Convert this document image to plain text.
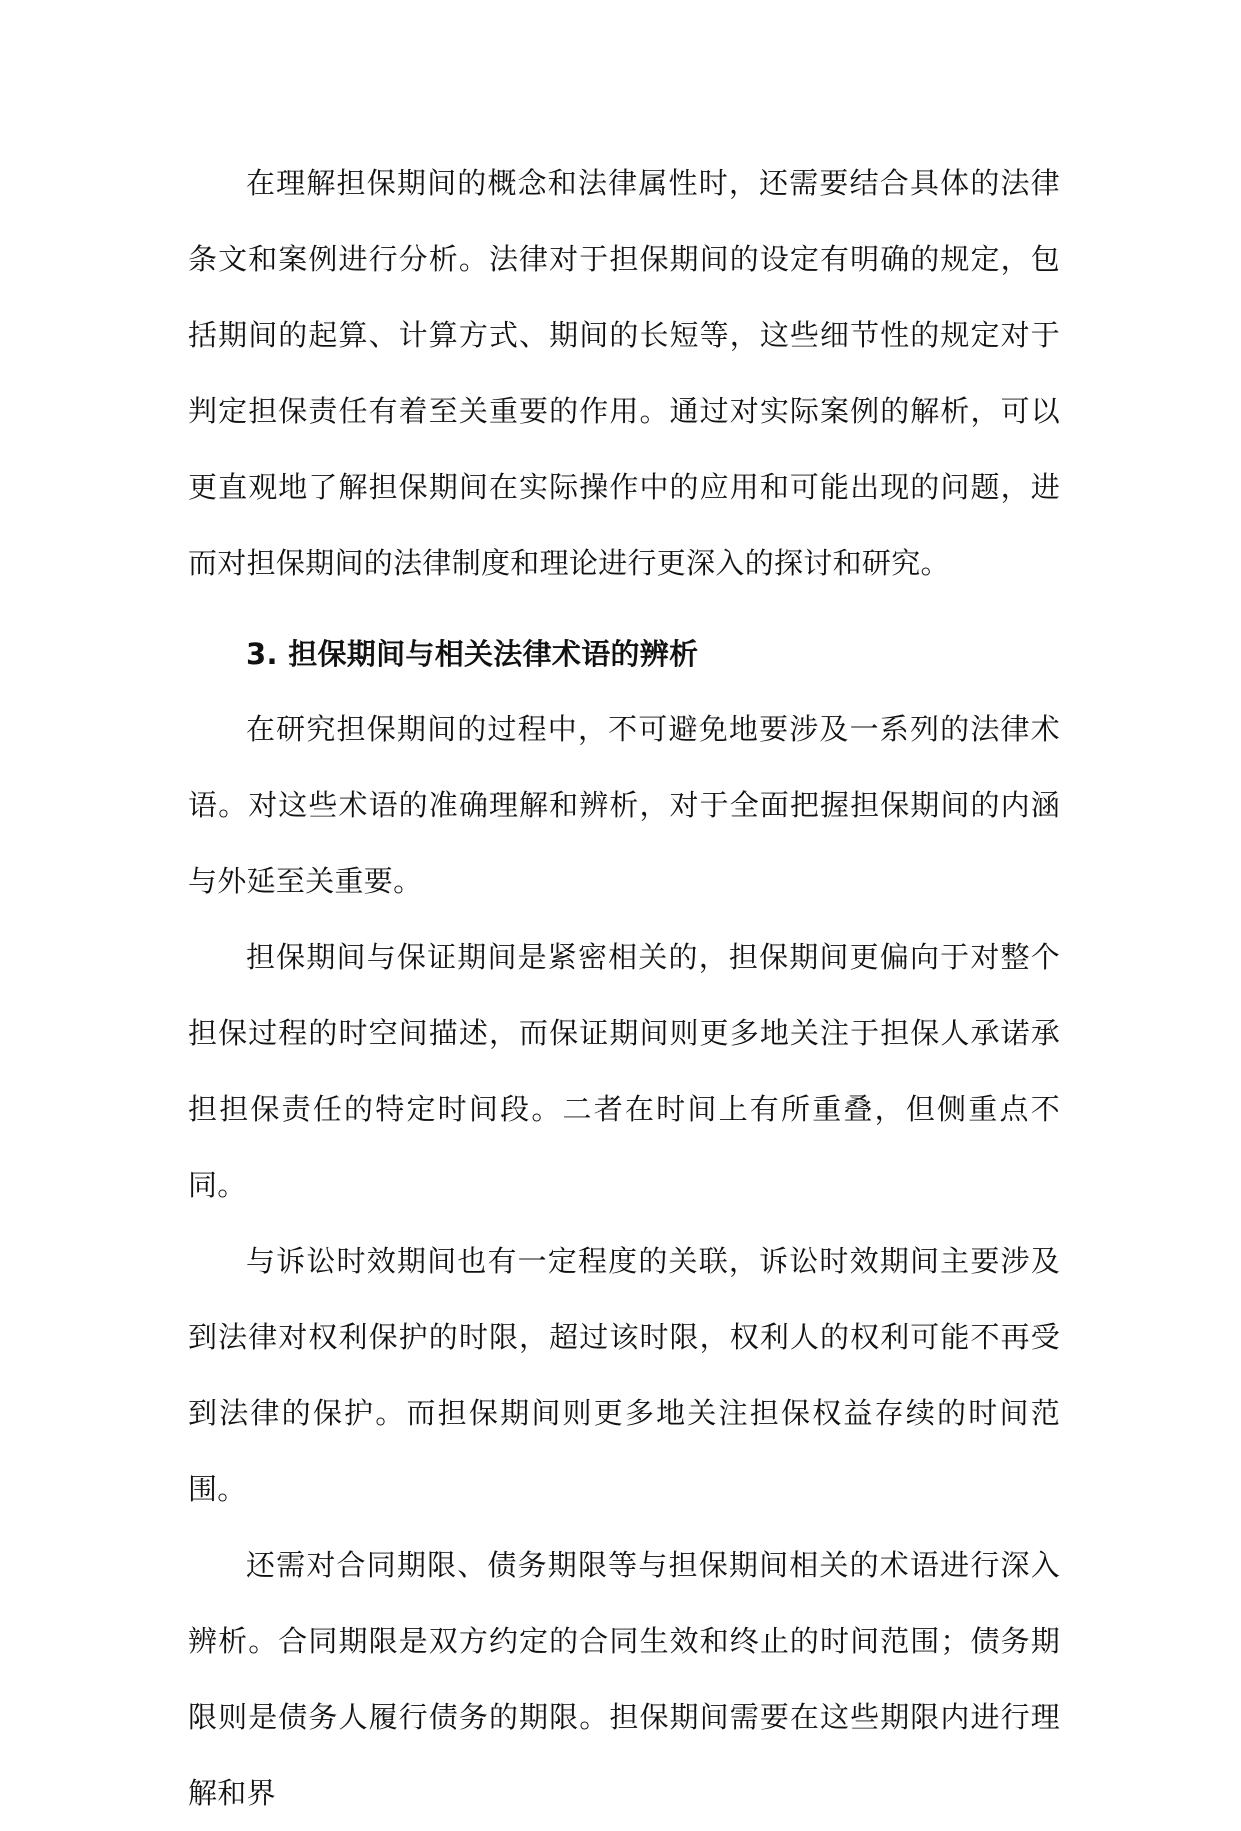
在理解担保期间的概念和法律属性时，还需要结合具体的法律条文和案例进行分析。法律对于担保期间的设定有明确的规定，包括期间的起算、计算方式、期间的长短等，这些细节性的规定对于判定担保责任有着至关重要的作用。通过对实际案例的解析，可以更直观地了解担保期间在实际操作中的应用和可能出现的问题，进而对担保期间的法律制度和理论进行更深入的探讨和研究。

3. 担保期间与相关法律术语的辨析

在研究担保期间的过程中，不可避免地要涉及一系列的法律术语。对这些术语的准确理解和辨析，对于全面把握担保期间的内涵与外延至关重要。

担保期间与保证期间是紧密相关的，担保期间更偏向于对整个担保过程的时空间描述，而保证期间则更多地关注于担保人承诺承担担保责任的特定时间段。二者在时间上有所重叠，但侧重点不同。

与诉讼时效期间也有一定程度的关联，诉讼时效期间主要涉及到法律对权利保护的时限，超过该时限，权利人的权利可能不再受到法律的保护。而担保期间则更多地关注担保权益存续的时间范围。

还需对合同期限、债务期限等与担保期间相关的术语进行深入辨析。合同期限是双方约定的合同生效和终止的时间范围；债务期限则是债务人履行债务的期限。担保期间需要在这些期限内进行理解和界
